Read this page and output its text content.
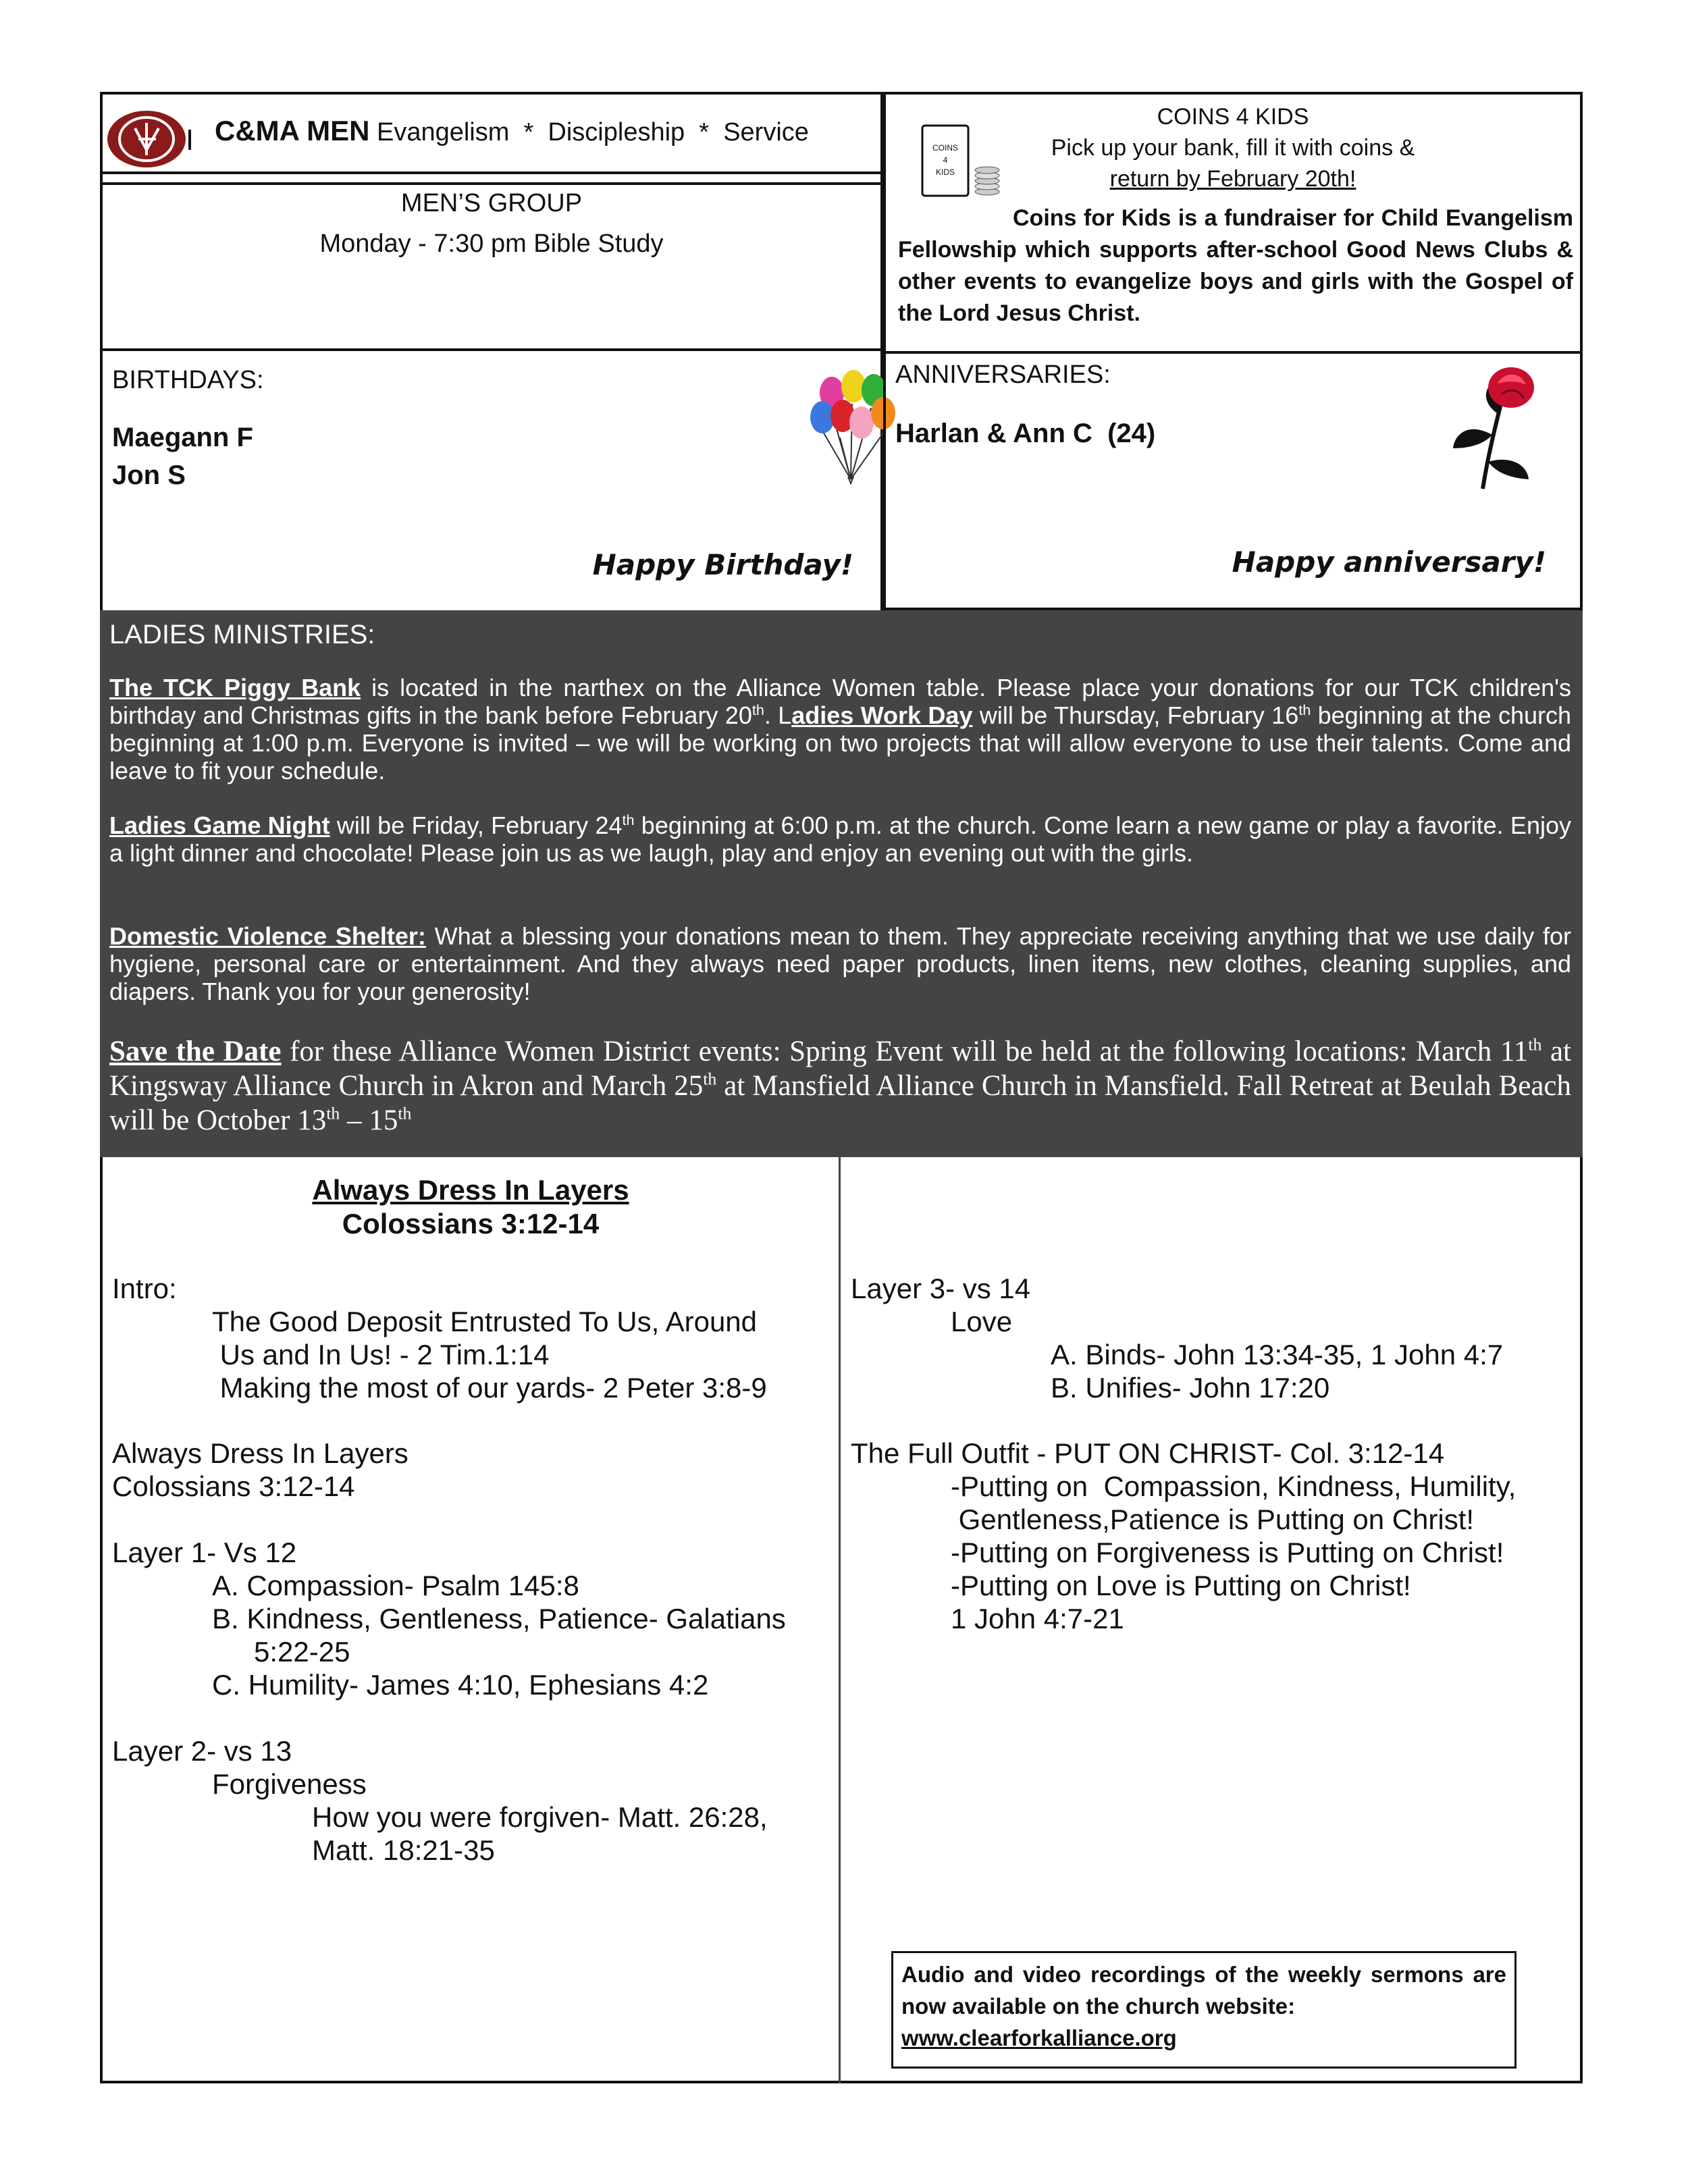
C&MA MEN Evangelism  *  Discipleship  *  Service
MEN’S GROUP
Monday - 7:30 pm Bible Study
COINS 4 KIDS
Pick up your bank, fill it with coins &
return by February 20th!
COINS
4
KIDS
Coins for Kids is a fundraiser for Child Evangelism Fellowship which supports after-school Good News Clubs & other events to evangelize boys and girls with the Gospel of the Lord Jesus Christ.
BIRTHDAYS:
Maegann F
Jon S
Happy Birthday!
ANNIVERSARIES:
Harlan & Ann C  (24)
Happy anniversary!
LADIES MINISTRIES:
The TCK Piggy Bank is located in the narthex on the Alliance Women table. Please place your donations for our TCK children's birthday and Christmas gifts in the bank before February 20th. Ladies Work Day will be Thursday, February 16th beginning at the church beginning at 1:00 p.m. Everyone is invited – we will be working on two projects that will allow everyone to use their talents. Come and leave to fit your schedule.
Ladies Game Night will be Friday, February 24th beginning at 6:00 p.m. at the church. Come learn a new game or play a favorite. Enjoy a light dinner and chocolate! Please join us as we laugh, play and enjoy an evening out with the girls.
Domestic Violence Shelter: What a blessing your donations mean to them. They appreciate receiving anything that we use daily for hygiene, personal care or entertainment. And they always need paper products, linen items, new clothes, cleaning supplies, and diapers. Thank you for your generosity!
Save the Date for these Alliance Women District events: Spring Event will be held at the following locations: March 11th at Kingsway Alliance Church in Akron and March 25th at Mansfield Alliance Church in Mansfield. Fall Retreat at Beulah Beach will be October 13th – 15th
Always Dress In Layers
Colossians 3:12-14
Intro:
The Good Deposit Entrusted To Us, Around
Us and In Us! - 2 Tim.1:14
Making the most of our yards- 2 Peter 3:8-9
Always Dress In Layers
Colossians 3:12-14
Layer 1- Vs 12
A. Compassion- Psalm 145:8
B. Kindness, Gentleness, Patience- Galatians
5:22-25
C. Humility- James 4:10, Ephesians 4:2
Layer 2- vs 13
Forgiveness
How you were forgiven- Matt. 26:28,
Matt. 18:21-35
Layer 3- vs 14
Love
A. Binds- John 13:34-35, 1 John 4:7
B. Unifies- John 17:20
The Full Outfit - PUT ON CHRIST- Col. 3:12-14
-Putting on  Compassion, Kindness, Humility,
Gentleness,Patience is Putting on Christ!
-Putting on Forgiveness is Putting on Christ!
-Putting on Love is Putting on Christ!
1 John 4:7-21
Audio and video recordings of the weekly sermons are now available on the church website:
www.clearforkalliance.org
